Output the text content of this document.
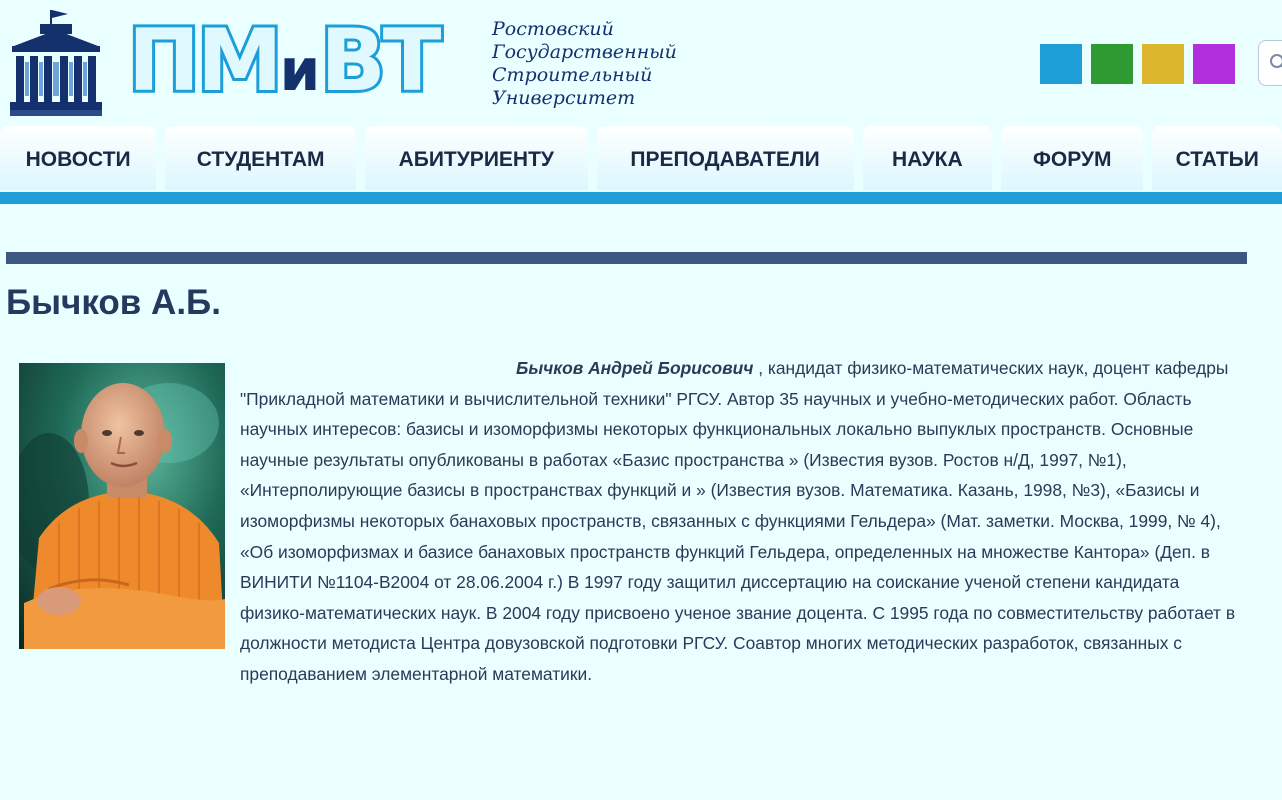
ПМиВТ	Ростовский
Государственный
Строительный
Университет
НОВОСТИ	СТУДЕНТАМ	АБИТУРИЕНТУ	ПРЕПОДАВАТЕЛИ	НАУКА	ФОРУМ	СТАТЬИ
Бычков А.Б.

Бычков Андрей Борисович , кандидат физико-математических наук, доцент кафедры "Прикладной математики и вычислительной техники" РГСУ. Автор 35 научных и учебно-методических работ. Область научных интересов: базисы и изоморфизмы некоторых функциональных локально выпуклых пространств. Основные научные результаты опубликованы в работах «Базис пространства » (Известия вузов. Ростов н/Д, 1997, №1), «Интерполирующие базисы в пространствах функций и » (Известия вузов. Математика. Казань, 1998, №3), «Базисы и изоморфизмы некоторых банаховых пространств, связанных с функциями Гельдера» (Мат. заметки. Москва, 1999, № 4), «Об изоморфизмах и базисе банаховых пространств функций Гельдера, определенных на множестве Кантора» (Деп. в ВИНИТИ №1104-В2004 от 28.06.2004 г.) В 1997 году защитил диссертацию на соискание ученой степени кандидата физико-математических наук. В 2004 году присвоено ученое звание доцента. С 1995 года по совместительству работает в должности методиста Центра довузовской подготовки РГСУ. Соавтор многих методических разработок, связанных с преподаванием элементарной математики.
